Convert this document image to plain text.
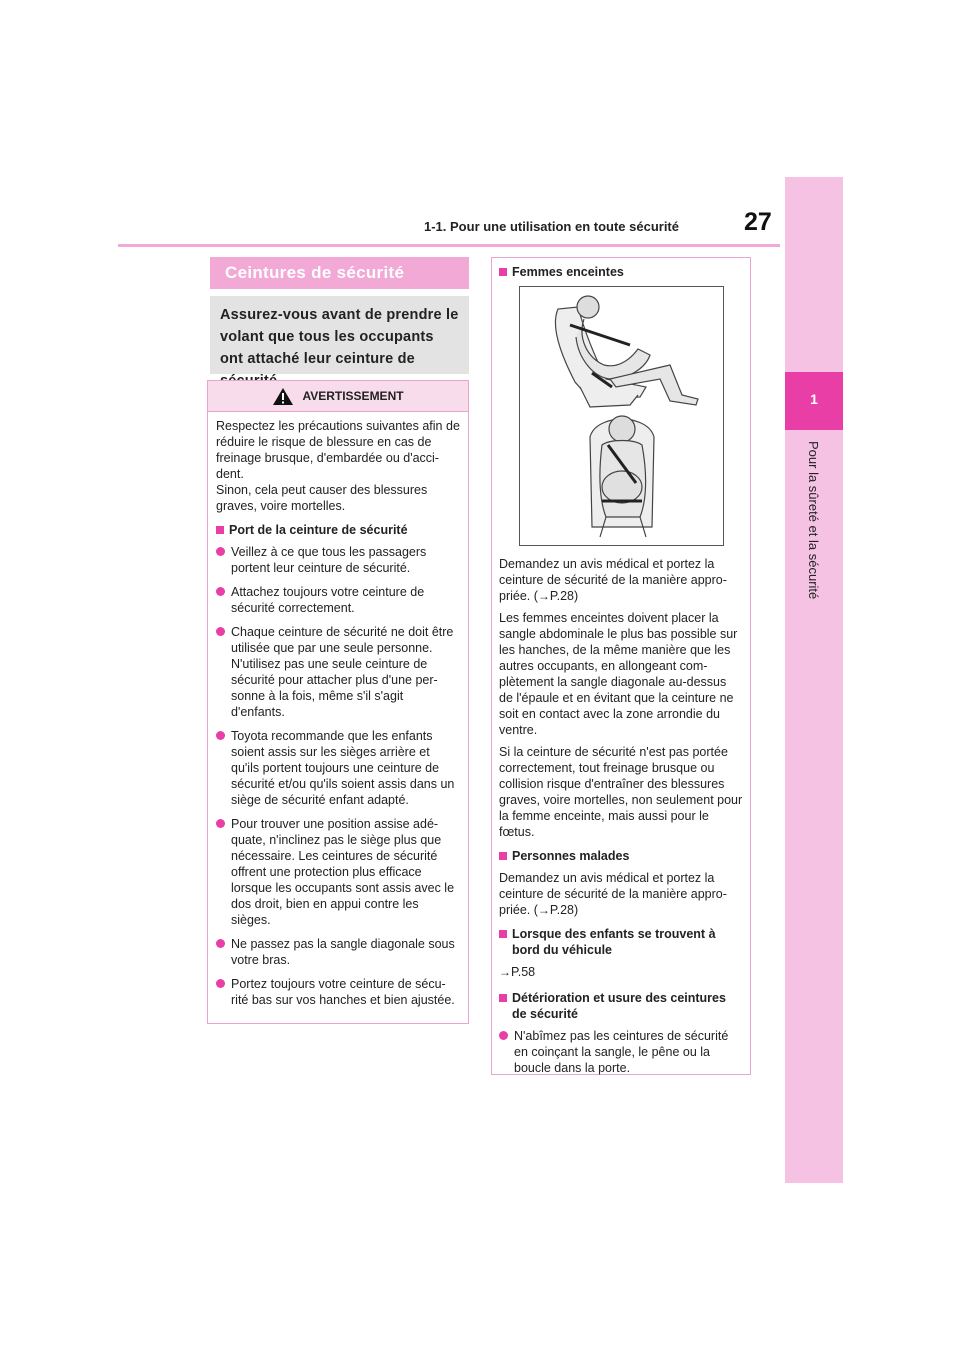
1-1. Pour une utilisation en toute sécurité	27
1
Pour la sûreté et la sécurité
Ceintures de sécurité
Assurez-vous avant de prendre le volant que tous les occupants ont attaché leur ceinture de
AVERTISSEMENT

Respectez les précautions suivantes afin de réduire le risque de blessure en cas de freinage brusque, d'embardée ou d'acci-dent.

Sinon, cela peut causer des blessures graves, voire mortelles.

Port de la ceinture de sécurité
Veillez à ce que tous les passagers portent leur ceinture de sécurité.
Attachez toujours votre ceinture de sécurité correctement.
Chaque ceinture de sécurité ne doit être utilisée que par une seule personne. N'utilisez pas une seule ceinture de sécurité pour attacher plus d'une per-sonne à la fois, même s'il s'agit d'enfants.
Toyota recommande que les enfants soient assis sur les sièges arrière et qu'ils portent toujours une ceinture de sécurité et/ou qu'ils soient assis dans un siège de sécurité enfant adapté.
Pour trouver une position assise adé-quate, n'inclinez pas le siège plus que nécessaire. Les ceintures de sécurité offrent une protection plus efficace lorsque les occupants sont assis avec le dos droit, bien en appui contre les sièges.
Ne passez pas la sangle diagonale sous votre bras.
Portez toujours votre ceinture de sécu-rité bas sur vos hanches et bien ajustée.
Femmes enceintes

Demandez un avis médical et portez la ceinture de sécurité de la manière appro-priée. (→P.28)

Les femmes enceintes doivent placer la sangle abdominale le plus bas possible sur les hanches, de la même manière que les autres occupants, en allongeant com-plètement la sangle diagonale au-dessus de l'épaule et en évitant que la ceinture ne soit en contact avec la zone arrondie du ventre.

Si la ceinture de sécurité n'est pas portée correctement, tout freinage brusque ou collision risque d'entraîner des blessures graves, voire mortelles, non seulement pour la femme enceinte, mais aussi pour le fœtus.

Personnes malades

Demandez un avis médical et portez la ceinture de sécurité de la manière appro-priée. (→P.28)

Lorsque des enfants se trouvent à bord du véhicule

→P.58

Détérioration et usure des ceintures de sécurité
N'abîmez pas les ceintures de sécurité en coinçant la sangle, le pêne ou la boucle dans la porte.
